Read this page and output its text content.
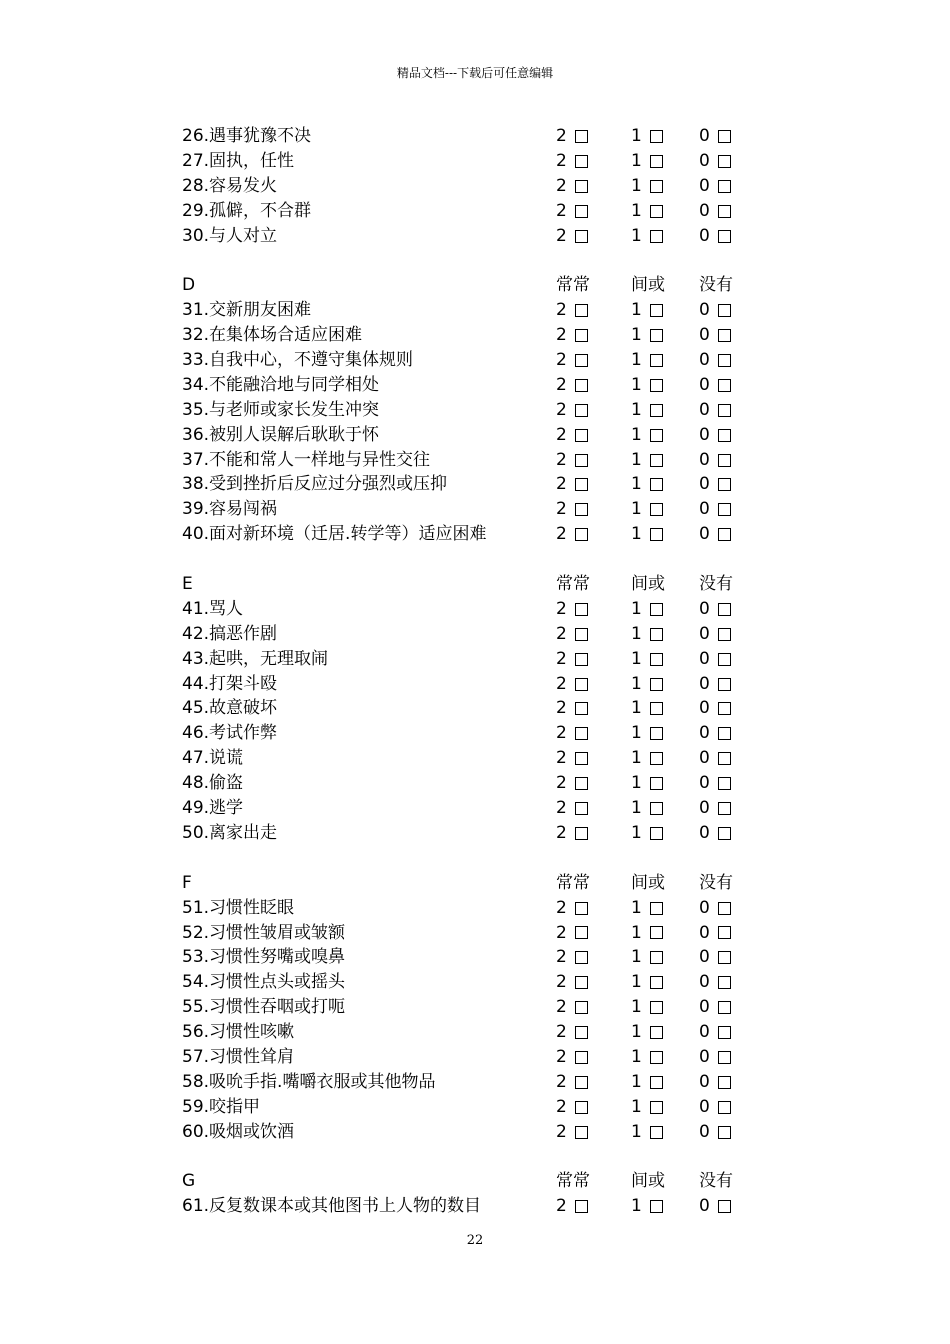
精品文档---下载后可任意编辑
26.遇事犹豫不决	2	1	0
27.固执，任性	2	1	0
28.容易发火	2	1	0
29.孤僻，不合群	2	1	0
30.与人对立	2	1	0
D	常常 间或 没有
31.交新朋友困难	2	1	0
32.在集体场合适应困难	2	1	0
33.自我中心，不遵守集体规则	2	1	0
34.不能融洽地与同学相处	2	1	0
35.与老师或家长发生冲突	2	1	0
36.被别人误解后耿耿于怀	2	1	0
37.不能和常人一样地与异性交往	2	1	0
38.受到挫折后反应过分强烈或压抑	2	1	0
39.容易闯祸	2	1	0
40.面对新环境（迁居.转学等）适应困难	2	1	0
E	常常 间或 没有
41.骂人	2	1	0
42.搞恶作剧	2	1	0
43.起哄，无理取闹	2	1	0
44.打架斗殴	2	1	0
45.故意破坏	2	1	0
46.考试作弊	2	1	0
47.说谎	2	1	0
48.偷盗	2	1	0
49.逃学	2	1	0
50.离家出走	2	1	0
F	常常 间或 没有
51.习惯性眨眼	2	1	0
52.习惯性皱眉或皱额	2	1	0
53.习惯性努嘴或嗅鼻	2	1	0
54.习惯性点头或摇头	2	1	0
55.习惯性吞咽或打呃	2	1	0
56.习惯性咳嗽	2	1	0
57.习惯性耸肩	2	1	0
58.吸吮手指.嘴嚼衣服或其他物品	2	1	0
59.咬指甲	2	1	0
60.吸烟或饮酒	2	1	0
G	常常 间或 没有
61.反复数课本或其他图书上人物的数目	2	1	0
22
